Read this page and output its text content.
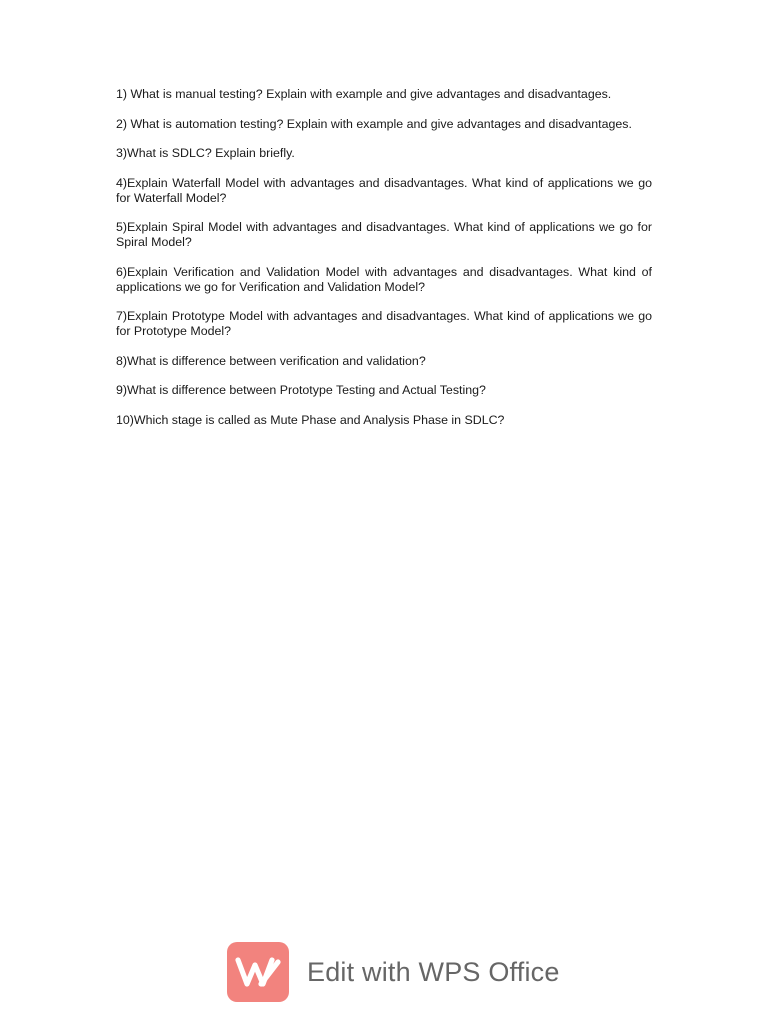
1) What is manual testing? Explain with example and give advantages and disadvantages.
2) What is automation testing? Explain with example and give advantages and disadvantages.
3)What is SDLC? Explain briefly.
4)Explain Waterfall Model with advantages and disadvantages. What kind of applications we go for Waterfall Model?
5)Explain Spiral Model with advantages and disadvantages. What kind of applications we go for Spiral Model?
6)Explain Verification and Validation Model with advantages and disadvantages. What kind of applications we go for Verification and Validation Model?
7)Explain Prototype Model with advantages and disadvantages. What kind of applications we go for Prototype Model?
8)What is difference between verification and validation?
9)What is difference between Prototype Testing and Actual Testing?
10)Which stage is called as Mute Phase and Analysis Phase in SDLC?
Edit with WPS Office
